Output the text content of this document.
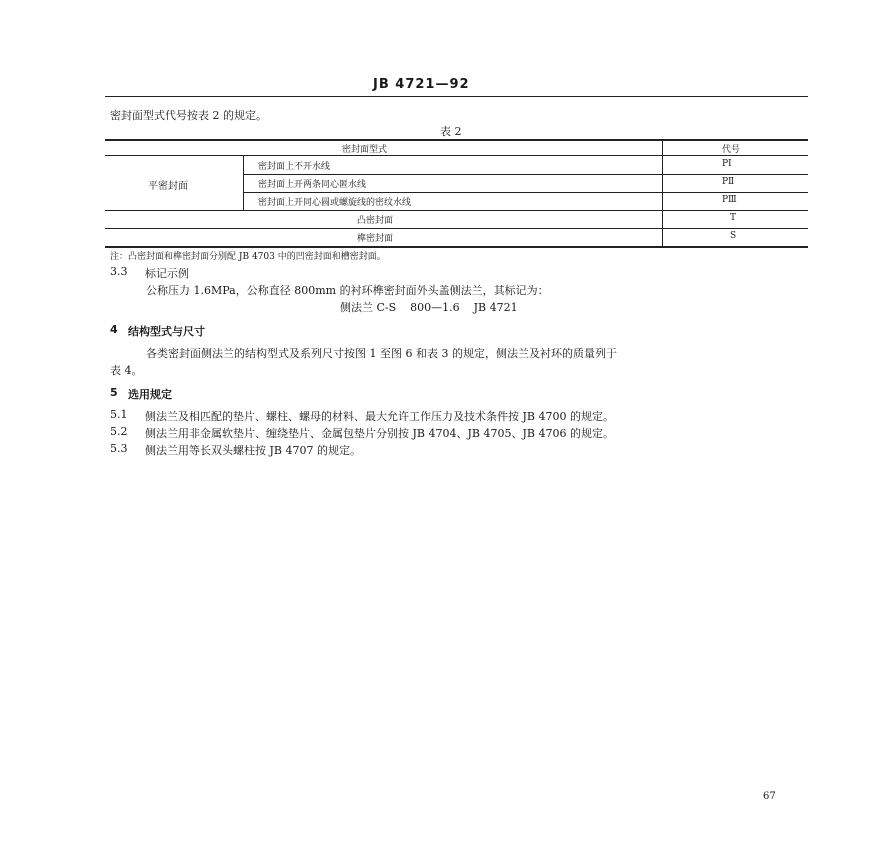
JB 4721—92
密封面型式代号按表 2 的规定。
表 2
密封面型式	代号
平密封面
密封面上不开水线	PⅠ
密封面上开两条同心匿水线	PⅡ
密封面上开同心圆或螺旋线的密纹水线	PⅢ
凸密封面	T
榫密封面	S
注：凸密封面和榫密封面分别配 JB 4703 中的凹密封面和槽密封面。
3.3 标记示例
公称压力 1.6MPa，公称直径 800mm 的衬环榫密封面外头盖侧法兰，其标记为：
侧法兰 C-S    800—1.6    JB 4721
4 结构型式与尺寸
各类密封面侧法兰的结构型式及系列尺寸按图 1 至图 6 和表 3 的规定，侧法兰及衬环的质量列于
表 4。
5 选用规定
5.1 侧法兰及相匹配的垫片、螺柱、螺母的材料、最大允许工作压力及技术条件按 JB 4700 的规定。
5.2 侧法兰用非金属软垫片、缠绕垫片、金属包垫片分别按 JB 4704、JB 4705、JB 4706 的规定。
5.3 侧法兰用等长双头螺柱按 JB 4707 的规定。
67
